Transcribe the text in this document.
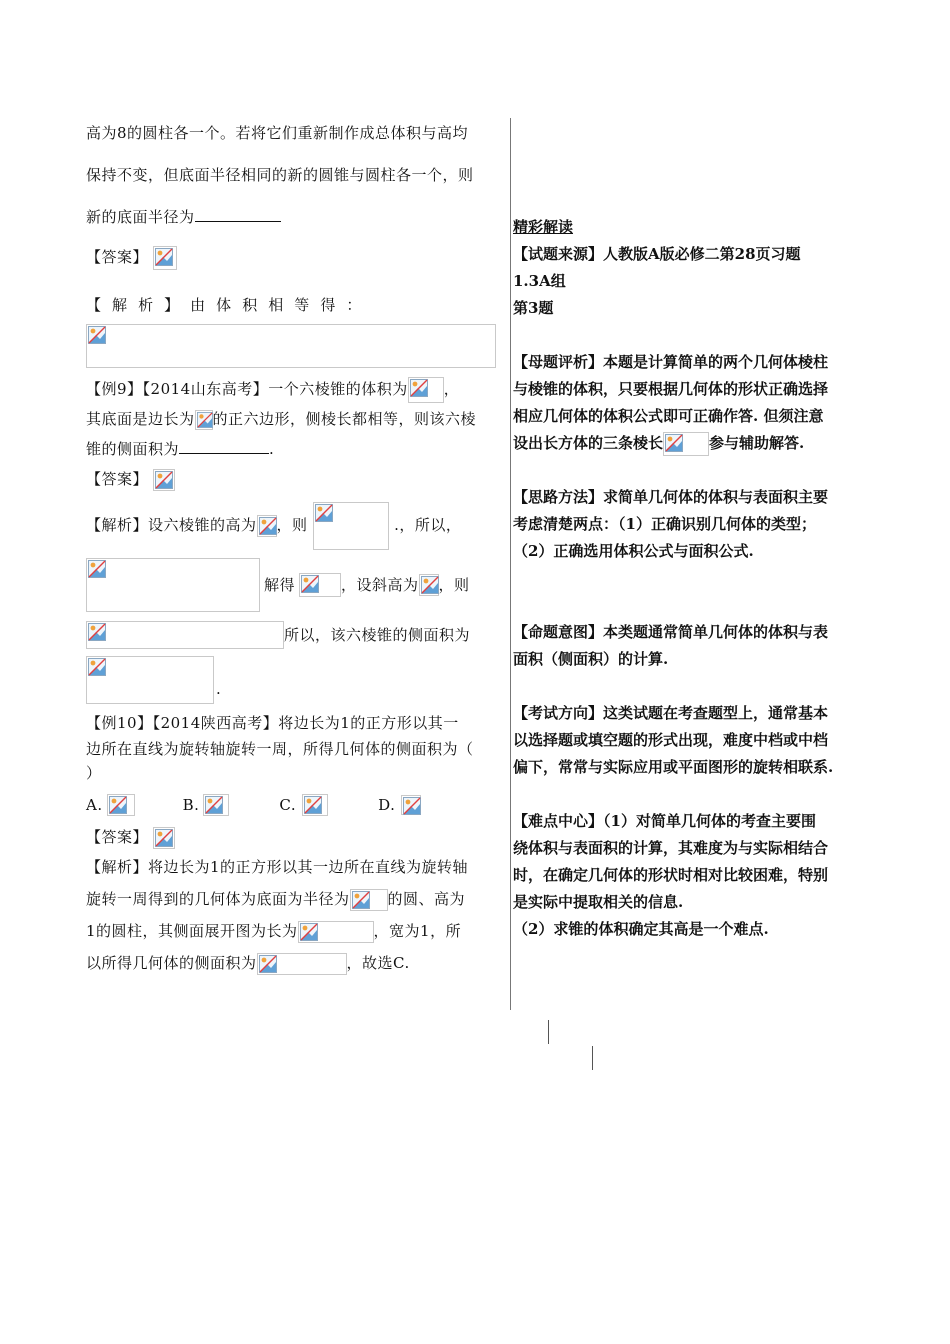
高为8的圆柱各一个。若将它们重新制作成总体积与高均

保持不变，但底面半径相同的新的圆锥与圆柱各一个，则

新的底面半径为

【答案】

【  解  析  】  由  体  积  相  等  得  ：

【例9】【2014山东高考】一个六棱锥的体积为 ，

其底面是边长为 的正六边形，侧棱长都相等，则该六棱

锥的侧面积为	.

【答案】

【解析】设六棱锥的高为 ，则	.，所以，

解得	，设斜高为 ，则
所以，该六棱锥的侧面积为
.

【例10】【2014陕西高考】将边长为1的正方形以其一

边所在直线为旋转轴旋转一周，所得几何体的侧面积为（

）

A.	B.	C.	D.

【答案】

【解析】将边长为1的正方形以其一边所在直线为旋转轴

旋转一周得到的几何体为底面为半径为	的圆、高为

1的圆柱，其侧面展开图为长为	，宽为1，所

以所得几何体的侧面积为	，故选C.

精彩解读

【试题来源】人教版A版必修二第28页习题

1.3A组

第3题

【母题评析】本题是计算简单的两个几何体棱柱

与棱锥的体积，只要根据几何体的形状正确选择

相应几何体的体积公式即可正确作答. 但须注意

设出长方体的三条棱长	参与辅助解答.

【思路方法】求简单几何体的体积与表面积主要

考虑清楚两点：（1）正确识别几何体的类型；

（2）正确选用体积公式与面积公式.

【命题意图】本类题通常简单几何体的体积与表

面积（侧面积）的计算.

【考试方向】这类试题在考查题型上，通常基本

以选择题或填空题的形式出现，难度中档或中档

偏下，常常与实际应用或平面图形的旋转相联系.

【难点中心】（1）对简单几何体的考查主要围

绕体积与表面积的计算，其难度为与实际相结合

时，在确定几何体的形状时相对比较困难，特别

是实际中提取相关的信息.

（2）求锥的体积确定其高是一个难点.
